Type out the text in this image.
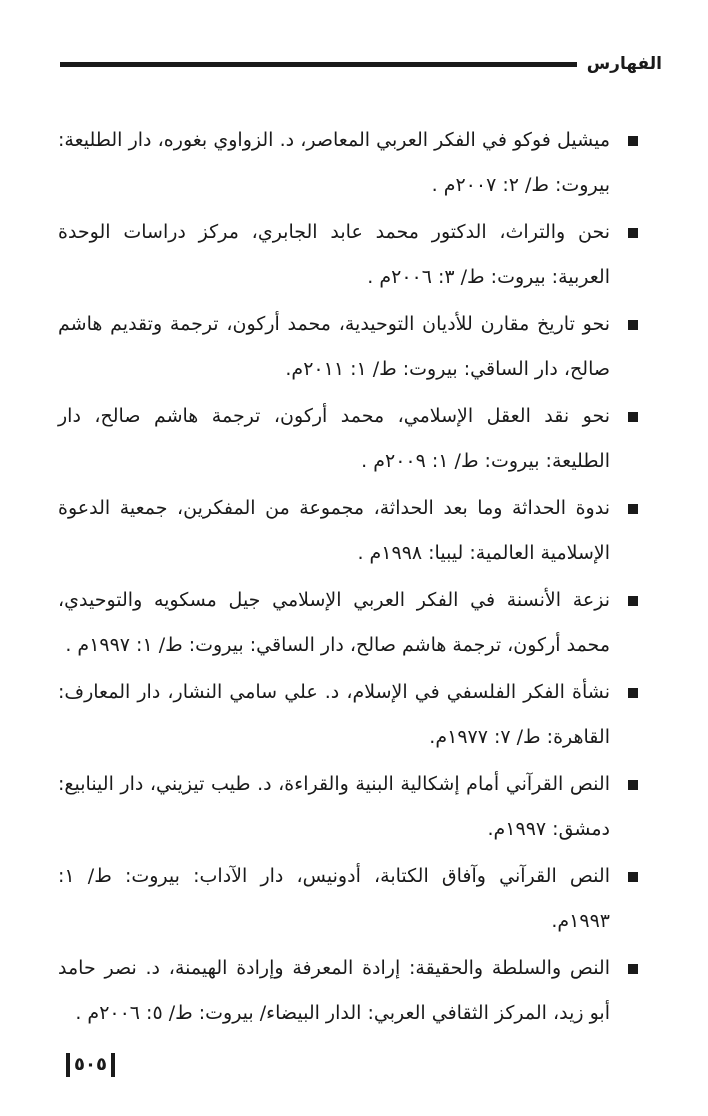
الفهارس
ميشيل فوكو في الفكر العربي المعاصر، د. الزواوي بغوره، دار الطليعة: بيروت: ط/ ٢: ٢٠٠٧م .
نحن والتراث، الدكتور محمد عابد الجابري، مركز دراسات الوحدة العربية: بيروت: ط/ ٣: ٢٠٠٦م .
نحو تاريخ مقارن للأديان التوحيدية، محمد أركون، ترجمة وتقديم هاشم صالح، دار الساقي: بيروت: ط/ ١: ٢٠١١م.
نحو نقد العقل الإسلامي، محمد أركون، ترجمة هاشم صالح، دار الطليعة: بيروت: ط/ ١: ٢٠٠٩م .
ندوة الحداثة وما بعد الحداثة، مجموعة من المفكرين، جمعية الدعوة الإسلامية العالمية: ليبيا: ١٩٩٨م .
نزعة الأنسنة في الفكر العربي الإسلامي جيل مسكويه والتوحيدي، محمد أركون، ترجمة هاشم صالح، دار الساقي: بيروت: ط/ ١: ١٩٩٧م .
نشأة الفكر الفلسفي في الإسلام، د. علي سامي النشار، دار المعارف: القاهرة: ط/ ٧: ١٩٧٧م.
النص القرآني أمام إشكالية البنية والقراءة، د. طيب تيزيني، دار الينابيع: دمشق: ١٩٩٧م.
النص القرآني وآفاق الكتابة، أدونيس، دار الآداب: بيروت: ط/ ١: ١٩٩٣م.
النص والسلطة والحقيقة: إرادة المعرفة وإرادة الهيمنة، د. نصر حامد أبو زيد، المركز الثقافي العربي: الدار البيضاء/ بيروت: ط/ ٥: ٢٠٠٦م .
٥٠٥
